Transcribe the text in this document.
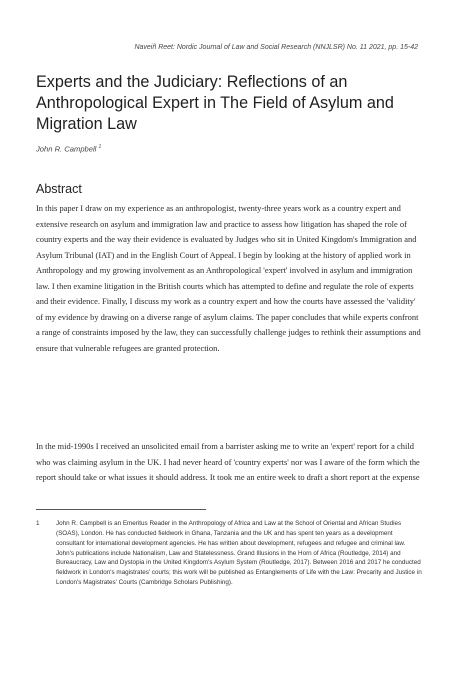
Naveiñ Reet: Nordic Journal of Law and Social Research (NNJLSR) No. 11 2021, pp. 15-42
Experts and the Judiciary: Reflections of an Anthropological Expert in The Field of Asylum and Migration Law
John R. Campbell $^1$
Abstract

In this paper I draw on my experience as an anthropologist, twenty-three years work as a country expert and extensive research on asylum and immigration law and practice to assess how litigation has shaped the role of country experts and the way their evidence is evaluated by Judges who sit in United Kingdom's Immigration and Asylum Tribunal (IAT) and in the English Court of Appeal. I begin by looking at the history of applied work in Anthropology and my growing involvement as an Anthropological 'expert' involved in asylum and immigration law. I then examine litigation in the British courts which has attempted to define and regulate the role of experts and their evidence. Finally, I discuss my work as a country expert and how the courts have assessed the 'validity' of my evidence by drawing on a diverse range of asylum claims. The paper concludes that while experts confront a range of constraints imposed by the law, they can successfully challenge judges to rethink their assumptions and ensure that vulnerable refugees are granted protection.

In the mid-1990s I received an unsolicited email from a barrister asking me to write an 'expert' report for a child who was claiming asylum in the UK. I had never heard of 'country experts' nor was I aware of the form which the report should take or what issues it should address. It took me an entire week to draft a short report at the expense

1	John R. Campbell is an Emeritus Reader in the Anthropology of Africa and Law at the School of Oriental and African Studies (SOAS), London. He has conducted fieldwork in Ghana, Tanzania and the UK and has spent ten years as a development consultant for international development agencies. He has written about development, refugees and refugee and criminal law. John's publications include Nationalism, Law and Statelessness. Grand Illusions in the Horn of Africa (Routledge, 2014) and Bureaucracy, Law and Dystopia in the United Kingdom's Asylum System (Routledge, 2017). Between 2016 and 2017 he conducted fieldwork in London's magistrates' courts; this work will be published as Entanglements of Life with the Law: Precarity and Justice in London's Magistrates' Courts (Cambridge Scholars Publishing).
